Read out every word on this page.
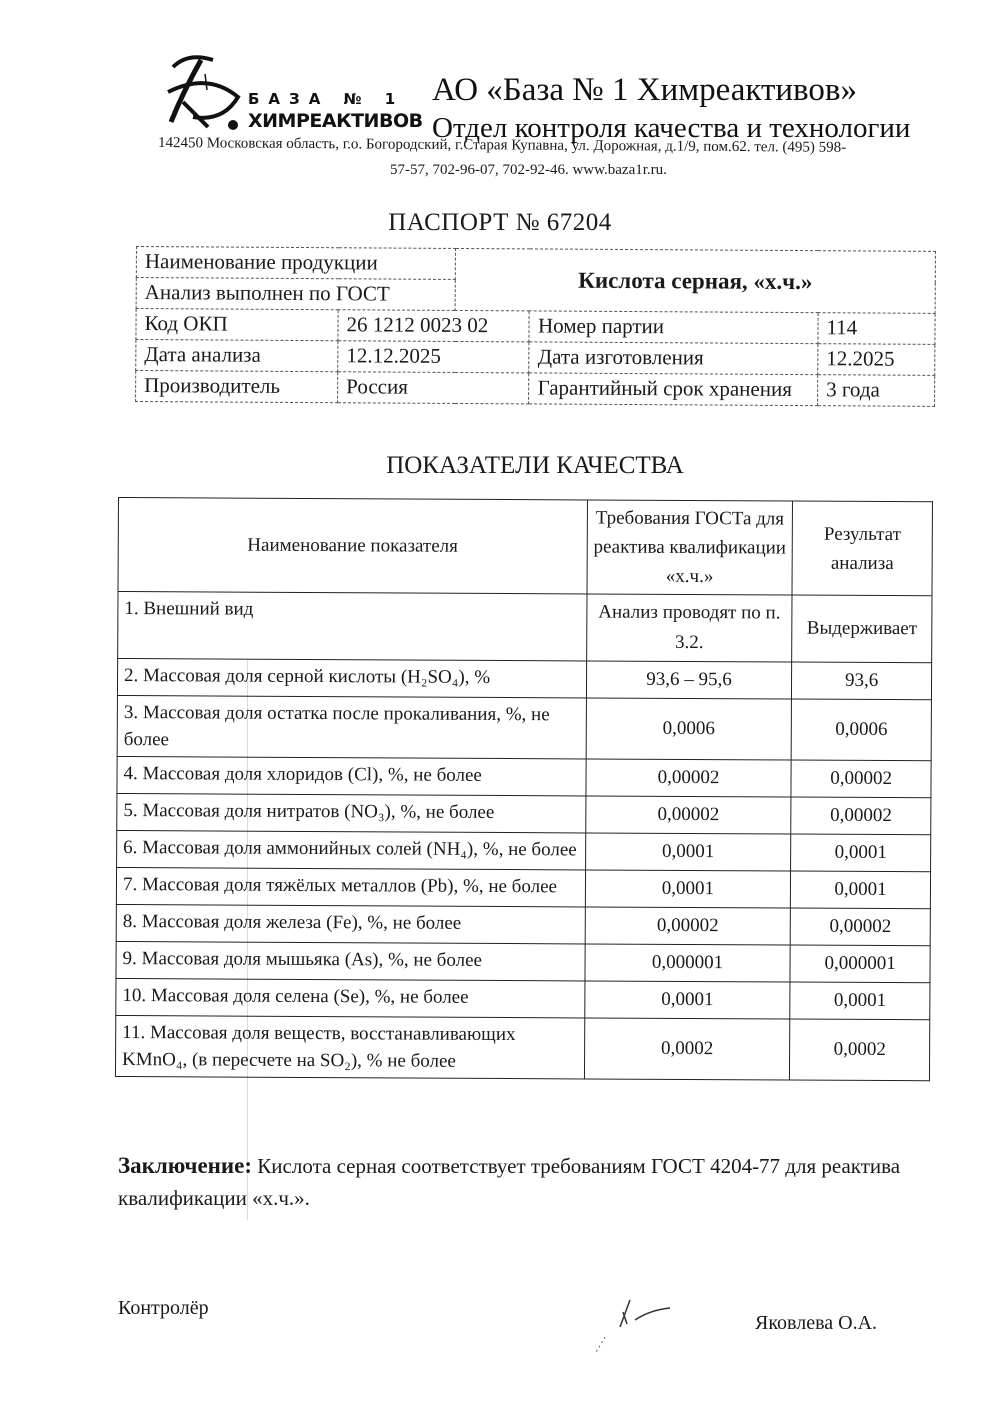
БАЗА № 1
ХИМРЕАКТИВОВ
АО «База № 1 Химреактивов»
Отдел контроля качества и технологии
142450 Московская область, г.о. Богородский, г.Старая Купавна, ул. Дорожная, д.1/9, пом.62. тел. (495) 598-
57-57, 702-96-07, 702-92-46. www.baza1r.ru.
ПАСПОРТ № 67204
Наименование продукции		Кислота серная, «х.ч.»		
Анализ выполнен по ГОСТ				
Код ОКП	26 1212 0023 02		Номер партии	114
Дата анализа	12.12.2025		Дата изготовления	12.2025
Производитель	Россия		Гарантийный срок хранения	3 года
ПОКАЗАТЕЛИ КАЧЕСТВА
Наименование показателя	Требования ГОСТа для реактива квалификации «х.ч.»	Результат анализа
1. Внешний вид	Анализ проводят по п. 3.2.	Выдерживает
2. Массовая доля серной кислоты (H₂SO₄), %	93,6 – 95,6	93,6
3. Массовая доля остатка после прокаливания, %, не более	0,0006	0,0006
4. Массовая доля хлоридов (Cl), %, не более	0,00002	0,00002
5. Массовая доля нитратов (NO₃), %, не более	0,00002	0,00002
6. Массовая доля аммонийных солей (NH₄), %, не более	0,0001	0,0001
7. Массовая доля тяжёлых металлов (Pb), %, не более	0,0001	0,0001
8. Массовая доля железа (Fe), %, не более	0,00002	0,00002
9. Массовая доля мышьяка (As), %, не более	0,000001	0,000001
10. Массовая доля селена (Se), %, не более	0,0001	0,0001
11. Массовая доля веществ, восстанавливающих KMnO₄, (в пересчете на SO₂), % не более	0,0002	0,0002
Заключение: Кислота серная соответствует требованиям ГОСТ 4204-77 для реактива квалификации «х.ч.».
Контролёр
Яковлева О.А.
